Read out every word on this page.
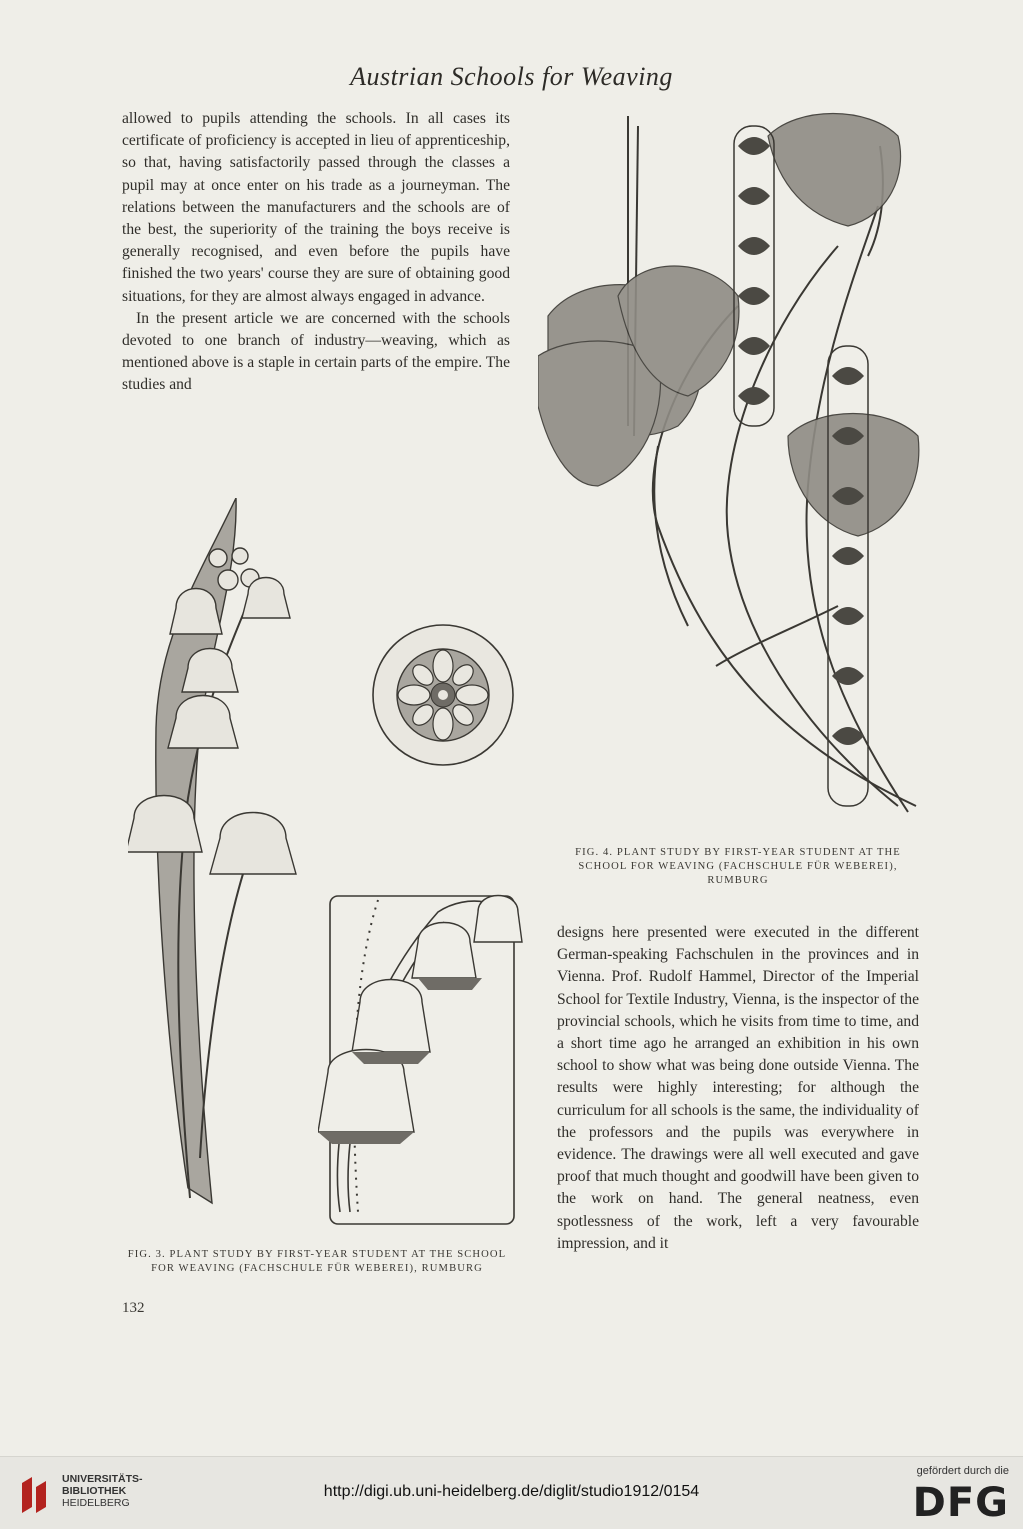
Austrian Schools for Weaving

allowed to pupils attending the schools. In all cases its certificate of proficiency is accepted in lieu of apprenticeship, so that, having satisfactorily passed through the classes a pupil may at once enter on his trade as a journeyman. The relations between the manufacturers and the schools are of the best, the superiority of the training the boys receive is generally recognised, and even before the pupils have finished the two years' course they are sure of obtaining good situations, for they are almost always engaged in advance.

In the present article we are concerned with the schools devoted to one branch of industry—weaving, which as mentioned above is a staple in certain parts of the empire. The studies and

FIG. 4. PLANT STUDY BY FIRST-YEAR STUDENT AT THE SCHOOL FOR WEAVING (FACHSCHULE FÜR WEBEREI), RUMBURG
FIG. 3. PLANT STUDY BY FIRST-YEAR STUDENT AT THE SCHOOL FOR WEAVING (FACHSCHULE FÜR WEBEREI), RUMBURG

designs here presented were executed in the different German-speaking Fachschulen in the provinces and in Vienna. Prof. Rudolf Hammel, Director of the Imperial School for Textile Industry, Vienna, is the inspector of the provincial schools, which he visits from time to time, and a short time ago he arranged an exhibition in his own school to show what was being done outside Vienna. The results were highly interesting; for although the curriculum for all schools is the same, the individuality of the professors and the pupils was everywhere in evidence. The drawings were all well executed and gave proof that much thought and goodwill have been given to the work on hand. The general neatness, even spotlessness of the work, left a very favourable impression, and it

132
UNIVERSITÄTS-
BIBLIOTHEK
HEIDELBERG
http://digi.ub.uni-heidelberg.de/diglit/studio1912/0154
gefördert durch die
DFG
